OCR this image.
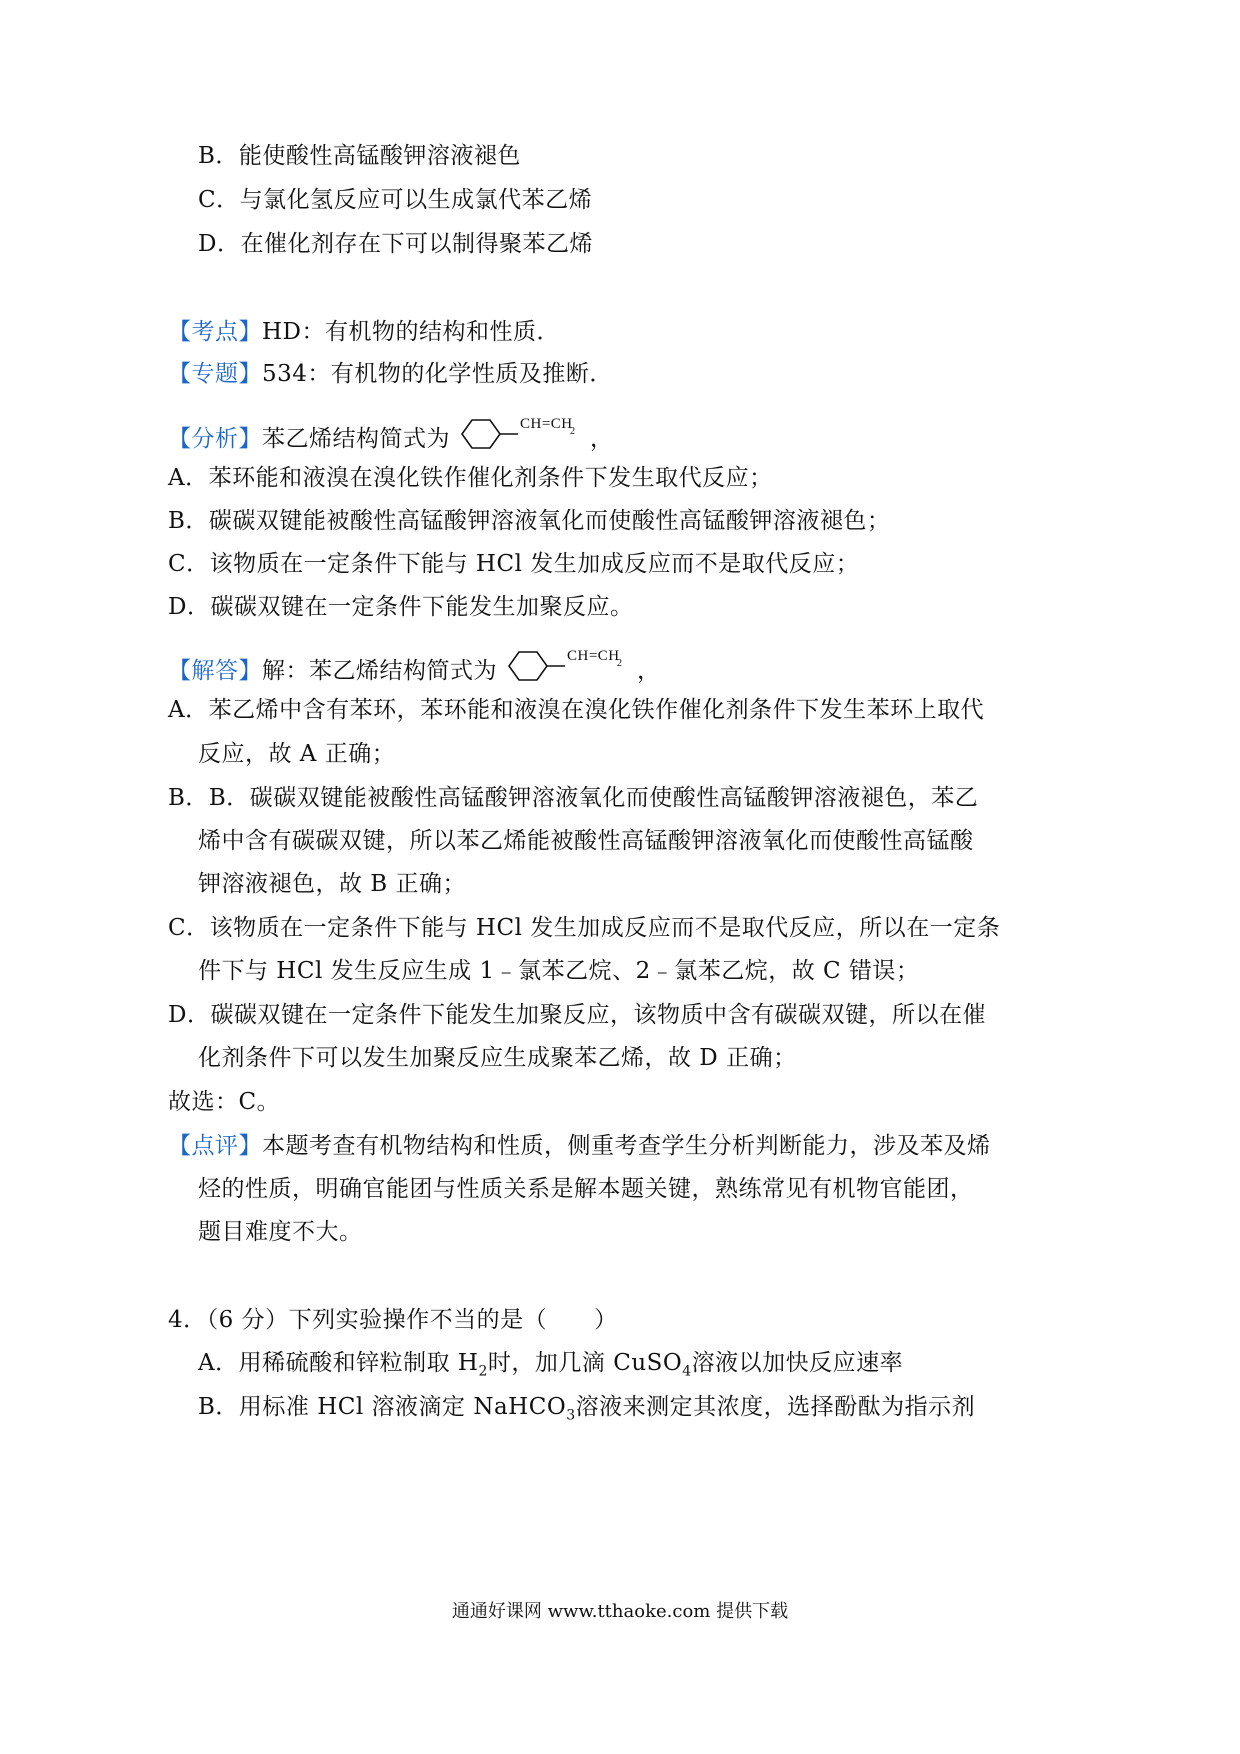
B．能使酸性高锰酸钾溶液褪色
C．与氯化氢反应可以生成氯代苯乙烯
D．在催化剂存在下可以制得聚苯乙烯
【考点】HD：有机物的结构和性质．
【专题】534：有机物的化学性质及推断．
【分析】苯乙烯结构简式为
CH=CH
2 ，
A．苯环能和液溴在溴化铁作催化剂条件下发生取代反应；
B．碳碳双键能被酸性高锰酸钾溶液氧化而使酸性高锰酸钾溶液褪色；
C．该物质在一定条件下能与 HCl 发生加成反应而不是取代反应；
D．碳碳双键在一定条件下能发生加聚反应。
【解答】解：苯乙烯结构简式为
CH=CH
2 ，
A．苯乙烯中含有苯环，苯环能和液溴在溴化铁作催化剂条件下发生苯环上取代
反应，故 A 正确；
B．B．碳碳双键能被酸性高锰酸钾溶液氧化而使酸性高锰酸钾溶液褪色，苯乙
烯中含有碳碳双键，所以苯乙烯能被酸性高锰酸钾溶液氧化而使酸性高锰酸
钾溶液褪色，故 B 正确；
C．该物质在一定条件下能与 HCl 发生加成反应而不是取代反应，所以在一定条
件下与 HCl 发生反应生成 1﹣氯苯乙烷、2﹣氯苯乙烷，故 C 错误；
D．碳碳双键在一定条件下能发生加聚反应，该物质中含有碳碳双键，所以在催
化剂条件下可以发生加聚反应生成聚苯乙烯，故 D 正确；
故选：C。
【点评】本题考查有机物结构和性质，侧重考查学生分析判断能力，涉及苯及烯
烃的性质，明确官能团与性质关系是解本题关键，熟练常见有机物官能团，
题目难度不大。
4．（6 分）下列实验操作不当的是（　　）
A．用稀硫酸和锌粒制取 $H_2$时，加几滴 CuSO$_4$溶液以加快反应速率
B．用标准 HCl 溶液滴定 NaHCO$_3$溶液来测定其浓度，选择酚酞为指示剂
通通好课网 www.tthaoke.com 提供下载
